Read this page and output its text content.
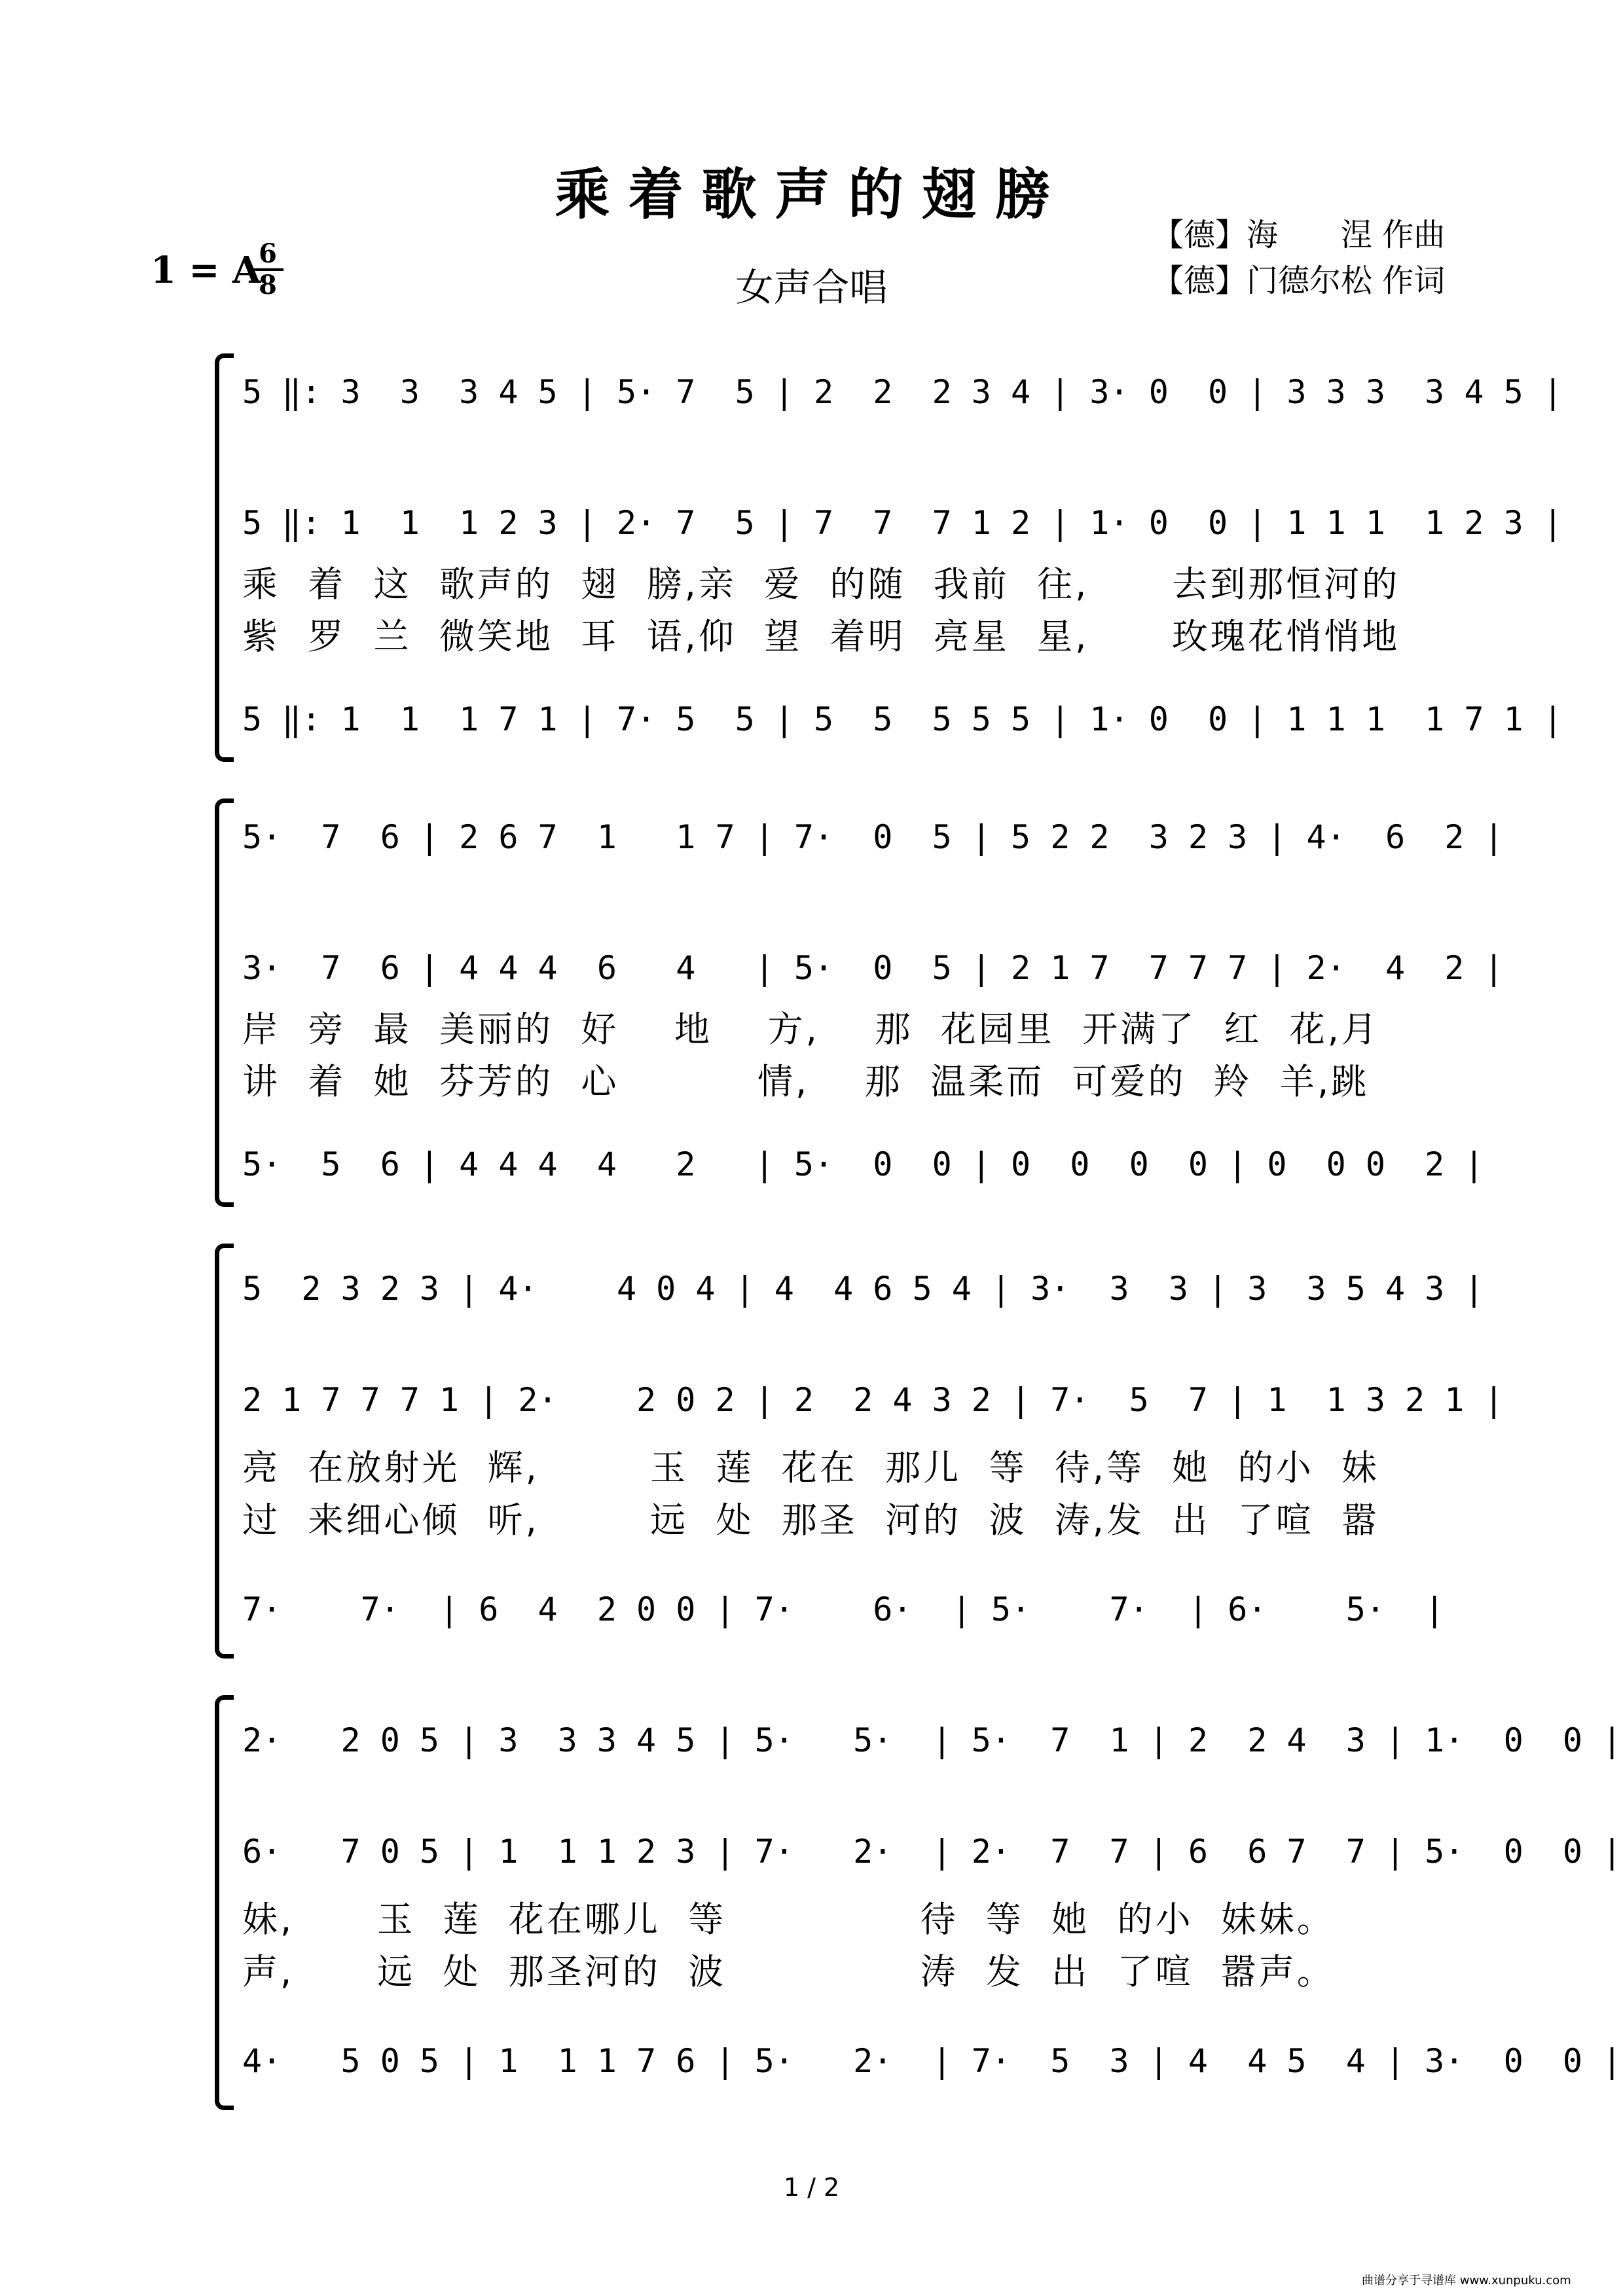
乘着歌声的翅膀
1 = A
6
8	女声合唱
【德】海　　涅 作曲
【德】门德尔松 作词
5 ‖: 3  3  3 4 5 | 5· 7  5 | 2  2  2 3 4 | 3· 0  0 | 3 3 3  3 4 5 |
5 ‖: 1  1  1 2 3 | 2· 7  5 | 7  7  7 1 2 | 1· 0  0 | 1 1 1  1 2 3 |
乘  着  这  歌声的  翅  膀,亲  爱  的随  我前  往,      去到那恒河的
紫  罗  兰  微笑地  耳  语,仰  望  着明  亮星  星,      玫瑰花悄悄地
5 ‖: 1  1  1 7 1 | 7· 5  5 | 5  5  5 5 5 | 1· 0  0 | 1 1 1  1 7 1 |
5·  7  6 | 2 6 7  1   1 7 | 7·  0  5 | 5 2 2  3 2 3 | 4·  6  2 |
3·  7  6 | 4 4 4  6   4   | 5·  0  5 | 2 1 7  7 7 7 | 2·  4  2 |
岸  旁  最  美丽的  好    地    方,    那  花园里  开满了  红  花,月
讲  着  她  芬芳的  心          情,    那  温柔而  可爱的  羚  羊,跳
5·  5  6 | 4 4 4  4   2   | 5·  0  0 | 0  0  0  0 | 0  0 0  2 |
5  2 3 2 3 | 4·    4 0 4 | 4  4 6 5 4 | 3·  3  3 | 3  3 5 4 3 |
2 1 7 7 7 1 | 2·    2 0 2 | 2  2 4 3 2 | 7·  5  7 | 1  1 3 2 1 |
亮  在放射光  辉,        玉  莲  花在  那儿  等  待,等  她  的小  妹
过  来细心倾  听,        远  处  那圣  河的  波  涛,发  出  了喧  嚣
7·    7·  | 6  4  2 0 0 | 7·    6·  | 5·    7·  | 6·    5·  |
2·   2 0 5 | 3  3 3 4 5 | 5·   5·  | 5·  7  1 | 2  2 4  3 | 1·  0  0 |
6·   7 0 5 | 1  1 1 2 3 | 7·   2·  | 2·  7  7 | 6  6 7  7 | 5·  0  0 |
妹,      玉  莲  花在哪儿  等              待  等  她  的小  妹妹。
声,      远  处  那圣河的  波              涛  发  出  了喧  嚣声。
4·   5 0 5 | 1  1 1 7 6 | 5·   2·  | 7·  5  3 | 4  4 5  4 | 3·  0  0 |
1 / 2
曲谱分享于寻谱库 www.xunpuku.com
